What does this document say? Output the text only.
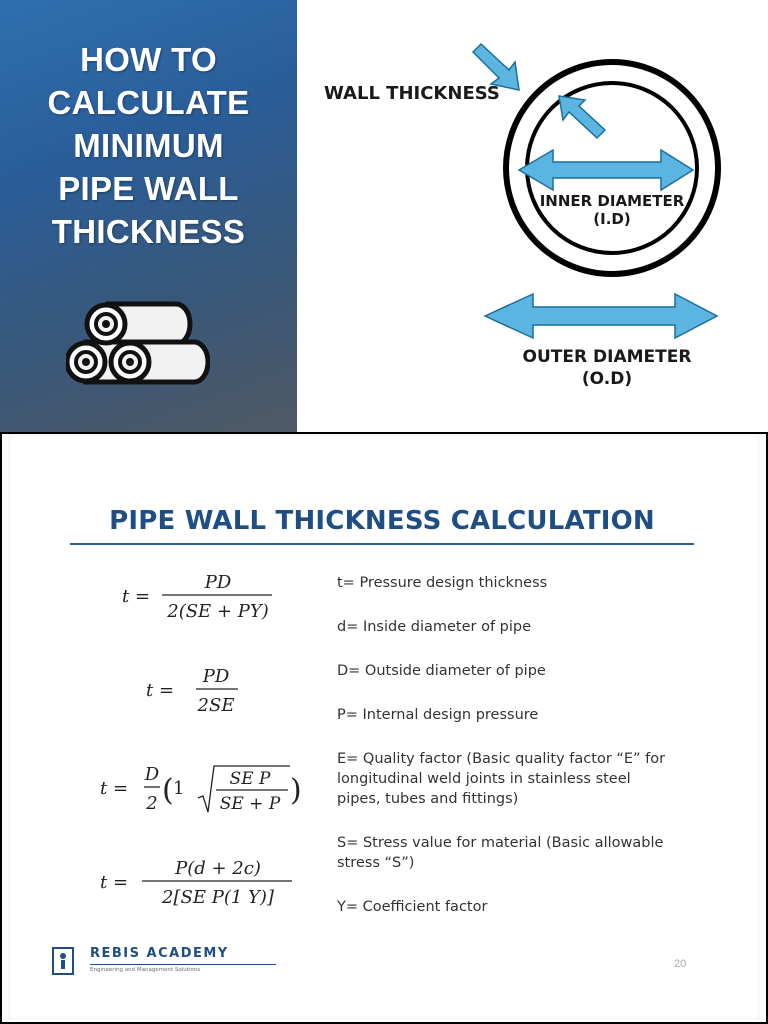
HOW TO
CALCULATE
MINIMUM
PIPE WALL
THICKNESS
WALL THICKNESS
INNER DIAMETER
(I.D)
OUTER DIAMETER
(O.D)
PIPE WALL THICKNESS CALCULATION
t =
PD
2(SE + PY)
t =
PD
2SE
t =
D
2 ( 1	SE P
SE + P )
t =
P(d + 2c)
2[SE P(1 Y)]
t= Pressure design thickness
d= Inside diameter of pipe
D= Outside diameter of pipe
P= Internal design pressure
E= Quality factor (Basic quality factor “E” for longitudinal weld joints in stainless steel pipes, tubes and fittings)
S= Stress value for material (Basic allowable stress “S”)
Y= Coefficient factor
REBIS ACADEMY
Engineering and Management Solutions	20
